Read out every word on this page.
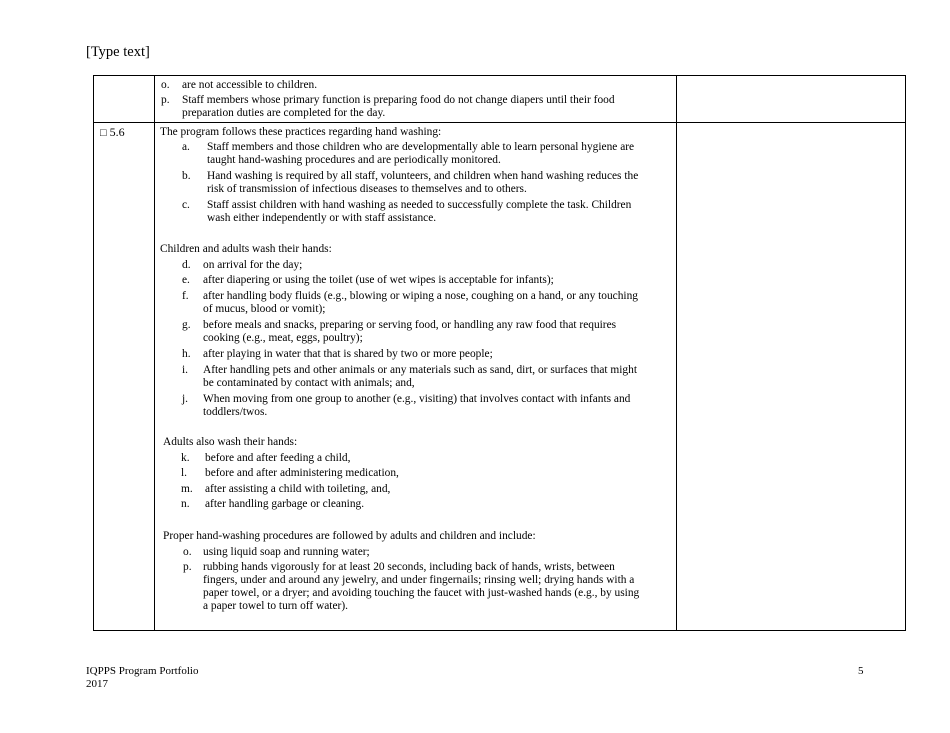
[Type text]
□ 5.6
o. are not accessible to children.
p. Staff members whose primary function is preparing food do not change diapers until their food
preparation duties are completed for the day.
The program follows these practices regarding hand washing:
a. Staff members and those children who are developmentally able to learn personal hygiene are
taught hand-washing procedures and are periodically monitored.
b. Hand washing is required by all staff, volunteers, and children when hand washing reduces the
risk of transmission of infectious diseases to themselves and to others.
c. Staff assist children with hand washing as needed to successfully complete the task. Children
wash either independently or with staff assistance.
Children and adults wash their hands:
d. on arrival for the day;
e. after diapering or using the toilet (use of wet wipes is acceptable for infants);
f. after handling body fluids (e.g., blowing or wiping a nose, coughing on a hand, or any touching
of mucus, blood or vomit);
g. before meals and snacks, preparing or serving food, or handling any raw food that requires
cooking (e.g., meat, eggs, poultry);
h. after playing in water that that is shared by two or more people;
i. After handling pets and other animals or any materials such as sand, dirt, or surfaces that might
be contaminated by contact with animals; and,
j. When moving from one group to another (e.g., visiting) that involves contact with infants and
toddlers/twos.
Adults also wash their hands:
k. before and after feeding a child,
l. before and after administering medication,
m. after assisting a child with toileting, and,
n. after handling garbage or cleaning.
Proper hand-washing procedures are followed by adults and children and include:
o. using liquid soap and running water;
p. rubbing hands vigorously for at least 20 seconds, including back of hands, wrists, between
fingers, under and around any jewelry, and under fingernails; rinsing well; drying hands with a
paper towel, or a dryer; and avoiding touching the faucet with just-washed hands (e.g., by using
a paper towel to turn off water).
IQPPS Program Portfolio
2017
5
